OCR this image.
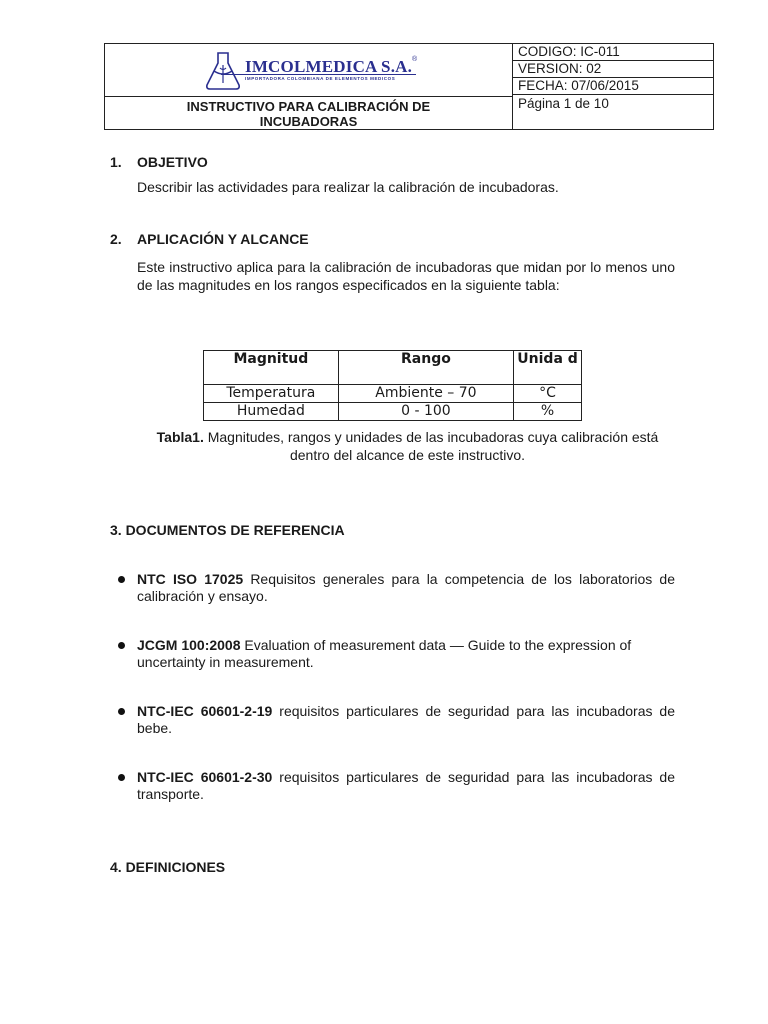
IMCOLMEDICA S.A. ®
IMPORTADORA COLOMBIANA DE ELEMENTOS MEDICOS
INSTRUCTIVO PARA CALIBRACIÓN DE
INCUBADORAS
CODIGO: IC-011
VERSION: 02
FECHA: 07/06/2015
Página 1 de 10
1. OBJETIVO
Describir las actividades para realizar la calibración de incubadoras.
2. APLICACIÓN Y ALCANCE
Este instructivo aplica para la calibración de incubadoras que midan por lo menos uno de las magnitudes en los rangos especificados en la siguiente tabla:
Magnitud	Rango	Unida d
Temperatura	Ambiente – 70	°C
Humedad	0 - 100	%
Tabla1. Magnitudes, rangos y unidades de las incubadoras cuya calibración está dentro del alcance de este instructivo.
3. DOCUMENTOS DE REFERENCIA
NTC ISO 17025 Requisitos generales para la competencia de los laboratorios de calibración y ensayo.
JCGM 100:2008 Evaluation of measurement data — Guide to the expression of uncertainty in measurement.
NTC-IEC 60601-2-19 requisitos particulares de seguridad para las incubadoras de bebe.
NTC-IEC 60601-2-30 requisitos particulares de seguridad para las incubadoras de transporte.
4. DEFINICIONES
